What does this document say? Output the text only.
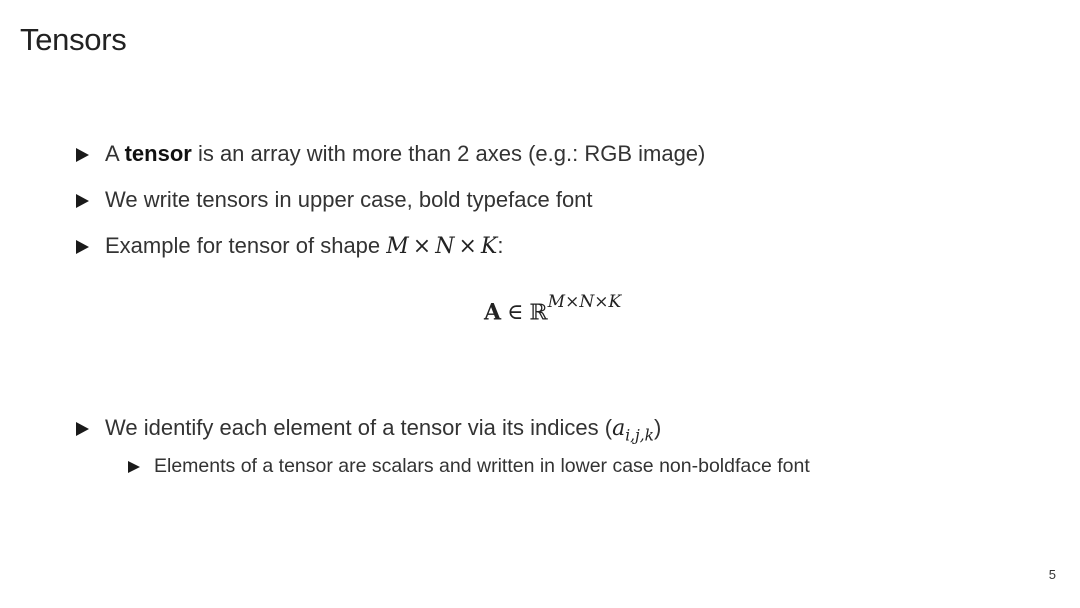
Tensors
A tensor is an array with more than 2 axes (e.g.: RGB image)
We write tensors in upper case, bold typeface font
Example for tensor of shape M × N × K:
A ∈ ℝ$^{M\times N\times K}$
We identify each element of a tensor via its indices $(a_{i,j,k})$
Elements of a tensor are scalars and written in lower case non-boldface font
5
